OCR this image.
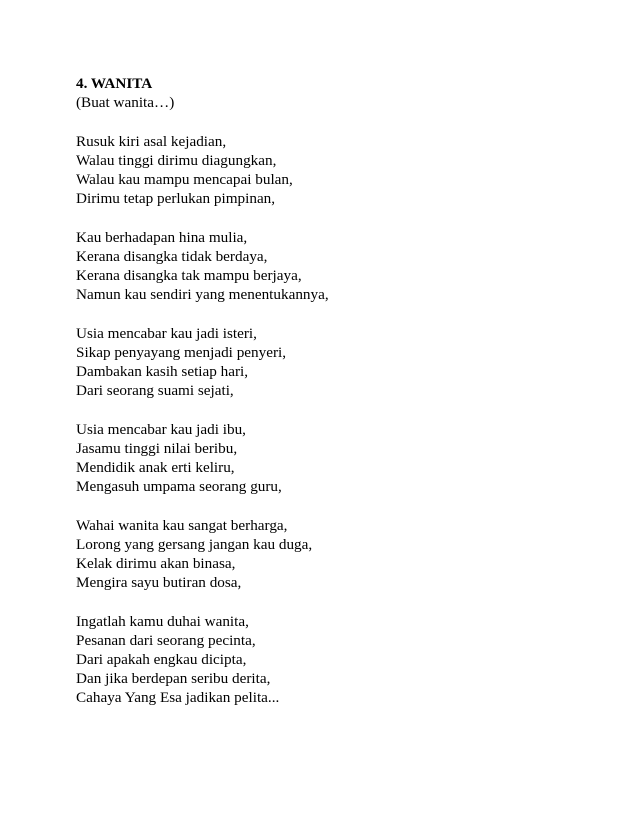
4. WANITA
(Buat wanita…)
Rusuk kiri asal kejadian,
Walau tinggi dirimu diagungkan,
Walau kau mampu mencapai bulan,
Dirimu tetap perlukan pimpinan,
Kau berhadapan hina mulia,
Kerana disangka tidak berdaya,
Kerana disangka tak mampu berjaya,
Namun kau sendiri yang menentukannya,
Usia mencabar kau jadi isteri,
Sikap penyayang menjadi penyeri,
Dambakan kasih setiap hari,
Dari seorang suami sejati,
Usia mencabar kau jadi ibu,
Jasamu tinggi nilai beribu,
Mendidik anak erti keliru,
Mengasuh umpama seorang guru,
Wahai wanita kau sangat berharga,
Lorong yang gersang jangan kau duga,
Kelak dirimu akan binasa,
Mengira sayu butiran dosa,
Ingatlah kamu duhai wanita,
Pesanan dari seorang pecinta,
Dari apakah engkau dicipta,
Dan jika berdepan seribu derita,
Cahaya Yang Esa jadikan pelita...
